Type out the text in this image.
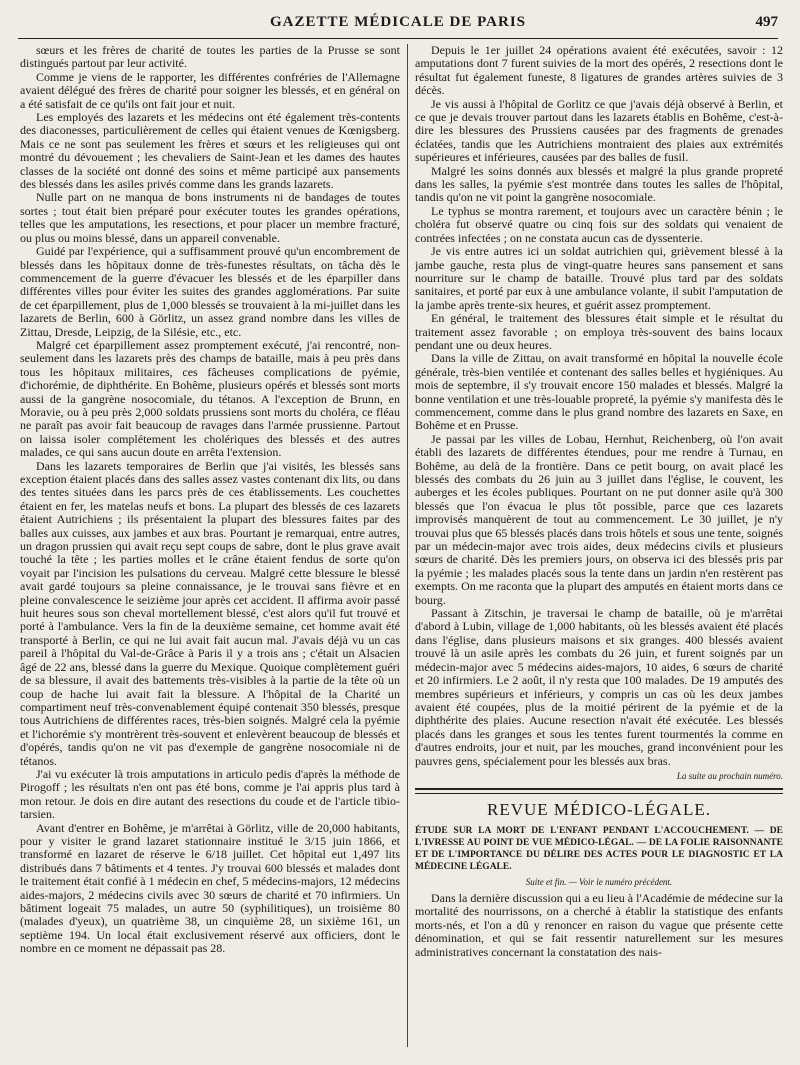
GAZETTE MÉDICALE DE PARIS	497

sœurs et les frères de charité de toutes les parties de la Prusse se sont distingués partout par leur activité.

Comme je viens de le rapporter, les différentes confréries de l'Allemagne avaient délégué des frères de charité pour soigner les blessés, et en général on a été satisfait de ce qu'ils ont fait jour et nuit.

Les employés des lazarets et les médecins ont été également très-contents des diaconesses, particulièrement de celles qui étaient venues de Kœnigsberg. Mais ce ne sont pas seulement les frères et sœurs et les religieuses qui ont montré du dévouement ; les chevaliers de Saint-Jean et les dames des hautes classes de la société ont donné des soins et même participé aux pansements des blessés dans les asiles privés comme dans les grands lazarets.

Nulle part on ne manqua de bons instruments ni de bandages de toutes sortes ; tout était bien préparé pour exécuter toutes les grandes opérations, telles que les amputations, les resections, et pour placer un membre fracturé, ou plus ou moins blessé, dans un appareil convenable.

Guidé par l'expérience, qui a suffisamment prouvé qu'un encombrement de blessés dans les hôpitaux donne de très-funestes résultats, on tâcha dès le commencement de la guerre d'évacuer les blessés et de les éparpiller dans différentes villes pour éviter les suites des grandes agglomérations. Par suite de cet éparpillement, plus de 1,000 blessés se trouvaient à la mi-juillet dans les lazarets de Berlin, 600 à Görlitz, un assez grand nombre dans les villes de Zittau, Dresde, Leipzig, de la Silésie, etc., etc.

Malgré cet éparpillement assez promptement exécuté, j'ai rencontré, non-seulement dans les lazarets près des champs de bataille, mais à peu près dans tous les hôpitaux militaires, ces fâcheuses complications de pyémie, d'ichorémie, de diphthérite. En Bohême, plusieurs opérés et blessés sont morts aussi de la gangrène nosocomiale, du tétanos. A l'exception de Brunn, en Moravie, ou à peu près 2,000 soldats prussiens sont morts du choléra, ce fléau ne paraît pas avoir fait beaucoup de ravages dans l'armée prussienne. Partout on laissa isoler complétement les cholériques des blessés et des autres malades, ce qui sans aucun doute en arrêta l'extension.

Dans les lazarets temporaires de Berlin que j'ai visités, les blessés sans exception étaient placés dans des salles assez vastes contenant dix lits, ou dans des tentes situées dans les parcs près de ces établissements. Les couchettes étaient en fer, les matelas neufs et bons. La plupart des blessés de ces lazarets étaient Autrichiens ; ils présentaient la plupart des blessures faites par des balles aux cuisses, aux jambes et aux bras. Pourtant je remarquai, entre autres, un dragon prussien qui avait reçu sept coups de sabre, dont le plus grave avait touché la tête ; les parties molles et le crâne étaient fendus de sorte qu'on voyait par l'incision les pulsations du cerveau. Malgré cette blessure le blessé avait gardé toujours sa pleine connaissance, je le trouvai sans fièvre et en pleine convalescence le seizième jour après cet accident. Il affirma avoir passé huit heures sous son cheval mortellement blessé, c'est alors qu'il fut trouvé et porté à l'ambulance. Vers la fin de la deuxième semaine, cet homme avait été transporté à Berlin, ce qui ne lui avait fait aucun mal. J'avais déjà vu un cas pareil à l'hôpital du Val-de-Grâce à Paris il y a trois ans ; c'était un Alsacien âgé de 22 ans, blessé dans la guerre du Mexique. Quoique complètement guéri de sa blessure, il avait des battements très-visibles à la partie de la tête où un coup de hache lui avait fait la blessure. A l'hôpital de la Charité un compartiment neuf très-convenablement équipé contenait 350 blessés, presque tous Autrichiens de différentes races, très-bien soignés. Malgré cela la pyémie et l'ichorémie s'y montrèrent très-souvent et enlevèrent beaucoup de blessés et d'opérés, tandis qu'on ne vit pas d'exemple de gangrène nosocomiale ni de tétanos.

J'ai vu exécuter là trois amputations in articulo pedis d'après la méthode de Pirogoff ; les résultats n'en ont pas été bons, comme je l'ai appris plus tard à mon retour. Je dois en dire autant des resections du coude et de l'article tibio-tarsien.

Avant d'entrer en Bohême, je m'arrêtai à Görlitz, ville de 20,000 habitants, pour y visiter le grand lazaret stationnaire institué le 3/15 juin 1866, et transformé en lazaret de réserve le 6/18 juillet. Cet hôpital eut 1,497 lits distribués dans 7 bâtiments et 4 tentes. J'y trouvai 600 blessés et malades dont le traitement était confié à 1 médecin en chef, 5 médecins-majors, 12 médecins aides-majors, 2 médecins civils avec 30 sœurs de charité et 70 infirmiers. Un bâtiment logeait 75 malades, un autre 50 (syphilitiques), un troisième 80 (malades d'yeux), un quatrième 38, un cinquième 28, un sixième 161, un septième 194. Un local était exclusivement réservé aux officiers, dont le nombre en ce moment ne dépassait pas 28.

Depuis le 1er juillet 24 opérations avaient été exécutées, savoir : 12 amputations dont 7 furent suivies de la mort des opérés, 2 resections dont le résultat fut également funeste, 8 ligatures de grandes artères suivies de 3 décès.

Je vis aussi à l'hôpital de Gorlitz ce que j'avais déjà observé à Berlin, et ce que je devais trouver partout dans les lazarets établis en Bohême, c'est-à-dire les blessures des Prussiens causées par des fragments de grenades éclatées, tandis que les Autrichiens montraient des plaies aux extrémités supérieures et inférieures, causées par des balles de fusil.

Malgré les soins donnés aux blessés et malgré la plus grande propreté dans les salles, la pyémie s'est montrée dans toutes les salles de l'hôpital, tandis qu'on ne vit point la gangrène nosocomiale.

Le typhus se montra rarement, et toujours avec un caractère bénin ; le choléra fut observé quatre ou cinq fois sur des soldats qui venaient de contrées infectées ; on ne constata aucun cas de dyssenterie.

Je vis entre autres ici un soldat autrichien qui, grièvement blessé à la jambe gauche, resta plus de vingt-quatre heures sans pansement et sans nourriture sur le champ de bataille. Trouvé plus tard par des soldats sanitaires, et porté par eux à une ambulance volante, il subit l'amputation de la jambe après trente-six heures, et guérit assez promptement.

En général, le traitement des blessures était simple et le résultat du traitement assez favorable ; on employa très-souvent des bains locaux pendant une ou deux heures.

Dans la ville de Zittau, on avait transformé en hôpital la nouvelle école générale, très-bien ventilée et contenant des salles belles et hygiéniques. Au mois de septembre, il s'y trouvait encore 150 malades et blessés. Malgré la bonne ventilation et une très-louable propreté, la pyémie s'y manifesta dès le commencement, comme dans le plus grand nombre des lazarets en Saxe, en Bohême et en Prusse.

Je passai par les villes de Lobau, Hernhut, Reichenberg, où l'on avait établi des lazarets de différentes étendues, pour me rendre à Turnau, en Bohême, au delà de la frontière. Dans ce petit bourg, on avait placé les blessés des combats du 26 juin au 3 juillet dans l'église, le couvent, les auberges et les écoles publiques. Pourtant on ne put donner asile qu'à 300 blessés que l'on évacua le plus tôt possible, parce que ces lazarets improvisés manquèrent de tout au commencement. Le 30 juillet, je n'y trouvai plus que 65 blessés placés dans trois hôtels et sous une tente, soignés par un médecin-major avec trois aides, deux médecins civils et plusieurs sœurs de charité. Dès les premiers jours, on observa ici des blessés pris par la pyémie ; les malades placés sous la tente dans un jardin n'en restèrent pas exempts. On me raconta que la plupart des amputés en étaient morts dans ce bourg.

Passant à Zitschin, je traversai le champ de bataille, où je m'arrêtai d'abord à Lubin, village de 1,000 habitants, où les blessés avaient été placés dans l'église, dans plusieurs maisons et six granges. 400 blessés avaient trouvé là un asile après les combats du 26 juin, et furent soignés par un médecin-major avec 5 médecins aides-majors, 10 aides, 6 sœurs de charité et 20 infirmiers. Le 2 août, il n'y resta que 100 malades. De 19 amputés des membres supérieurs et inférieurs, y compris un cas où les deux jambes avaient été coupées, plus de la moitié périrent de la pyémie et de la diphthérite des plaies. Aucune resection n'avait été exécutée. Les blessés placés dans les granges et sous les tentes furent tourmentés la comme en d'autres endroits, jour et nuit, par les mouches, grand inconvénient pour les pauvres gens, spécialement pour les blessés aux bras.

La suite au prochain numéro.
REVUE MÉDICO-LÉGALE.
ÉTUDE SUR LA MORT DE L'ENFANT PENDANT L'ACCOUCHEMENT. — DE L'IVRESSE AU POINT DE VUE MÉDICO-LÉGAL. — DE LA FOLIE RAISONNANTE ET DE L'IMPORTANCE DU DÉLIRE DES ACTES POUR LE DIAGNOSTIC ET LA MÉDECINE LÉGALE.
Suite et fin. — Voir le numéro précédent.

Dans la dernière discussion qui a eu lieu à l'Académie de médecine sur la mortalité des nourrissons, on a cherché à établir la statistique des enfants morts-nés, et l'on a dû y renoncer en raison du vague que présente cette dénomination, et qui se fait ressentir naturellement sur les mesures administratives concernant la constatation des nais-
